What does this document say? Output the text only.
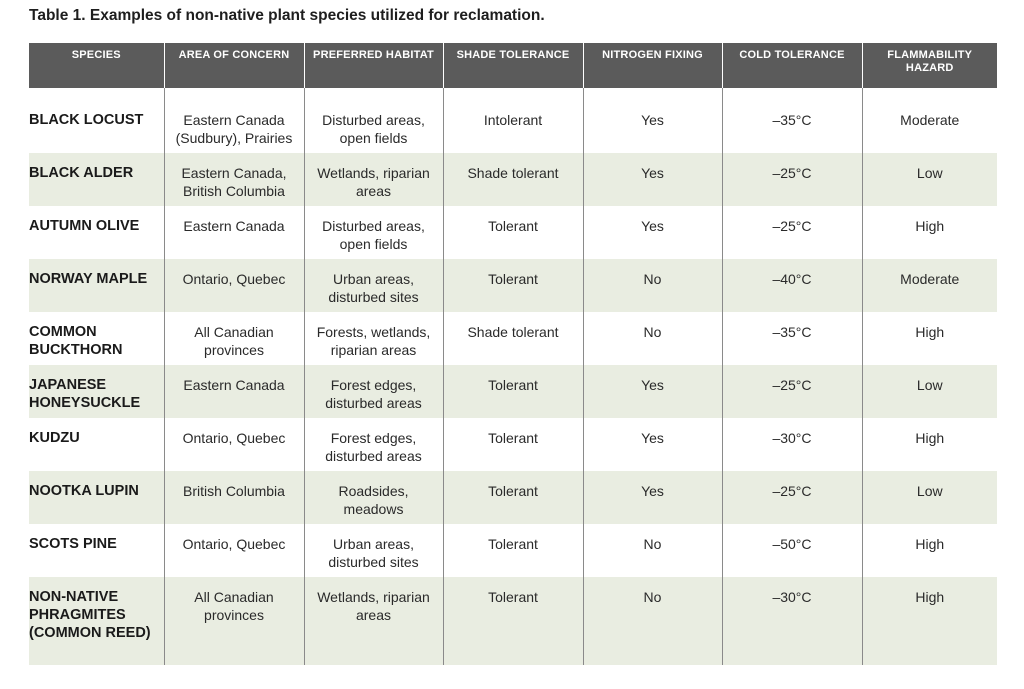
Table 1. Examples of non-native plant species utilized for reclamation.
SPECIES	AREA OF CONCERN	PREFERRED HABITAT	SHADE TOLERANCE	NITROGEN FIXING	COLD TOLERANCE	FLAMMABILITY HAZARD

BLACK LOCUST	Eastern Canada (Sudbury), Prairies	Disturbed areas, open fields	Intolerant	Yes	–35°C	Moderate
BLACK ALDER	Eastern Canada, British Columbia	Wetlands, riparian areas	Shade tolerant	Yes	–25°C	Low
AUTUMN OLIVE	Eastern Canada	Disturbed areas, open fields	Tolerant	Yes	–25°C	High
NORWAY MAPLE	Ontario, Quebec	Urban areas, disturbed sites	Tolerant	No	–40°C	Moderate
COMMON BUCKTHORN	All Canadian provinces	Forests, wetlands, riparian areas	Shade tolerant	No	–35°C	High
JAPANESE HONEYSUCKLE	Eastern Canada	Forest edges, disturbed areas	Tolerant	Yes	–25°C	Low
KUDZU	Ontario, Quebec	Forest edges, disturbed areas	Tolerant	Yes	–30°C	High
NOOTKA LUPIN	British Columbia	Roadsides, meadows	Tolerant	Yes	–25°C	Low
SCOTS PINE	Ontario, Quebec	Urban areas, disturbed sites	Tolerant	No	–50°C	High
NON-NATIVE PHRAGMITES (COMMON REED)	All Canadian provinces	Wetlands, riparian areas	Tolerant	No	–30°C	High
